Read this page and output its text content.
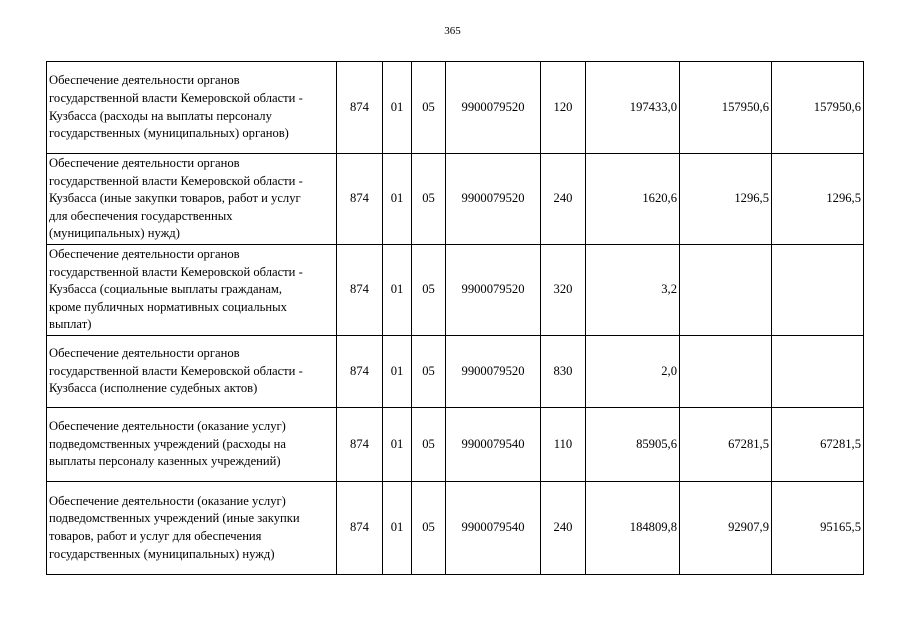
365
Обеспечение деятельности органов
государственной власти Кемеровской области -
Кузбасса (расходы на выплаты персоналу
государственных (муниципальных) органов)	874	01	05	9900079520	120	197433,0	157950,6	157950,6

Обеспечение деятельности органов
государственной власти Кемеровской области -
Кузбасса (иные закупки товаров, работ и услуг
для обеспечения государственных
(муниципальных) нужд)	874	01	05	9900079520	240	1620,6	1296,5	1296,5

Обеспечение деятельности органов
государственной власти Кемеровской области -
Кузбасса (социальные выплаты гражданам,
кроме публичных нормативных социальных
выплат)	874	01	05	9900079520	320	3,2		

Обеспечение деятельности органов
государственной власти Кемеровской области -
Кузбасса (исполнение судебных актов)	874	01	05	9900079520	830	2,0		

Обеспечение деятельности (оказание услуг)
подведомственных учреждений (расходы на
выплаты персоналу казенных учреждений)	874	01	05	9900079540	110	85905,6	67281,5	67281,5

Обеспечение деятельности (оказание услуг)
подведомственных учреждений (иные закупки
товаров, работ и услуг для обеспечения
государственных (муниципальных) нужд)	874	01	05	9900079540	240	184809,8	92907,9	95165,5
